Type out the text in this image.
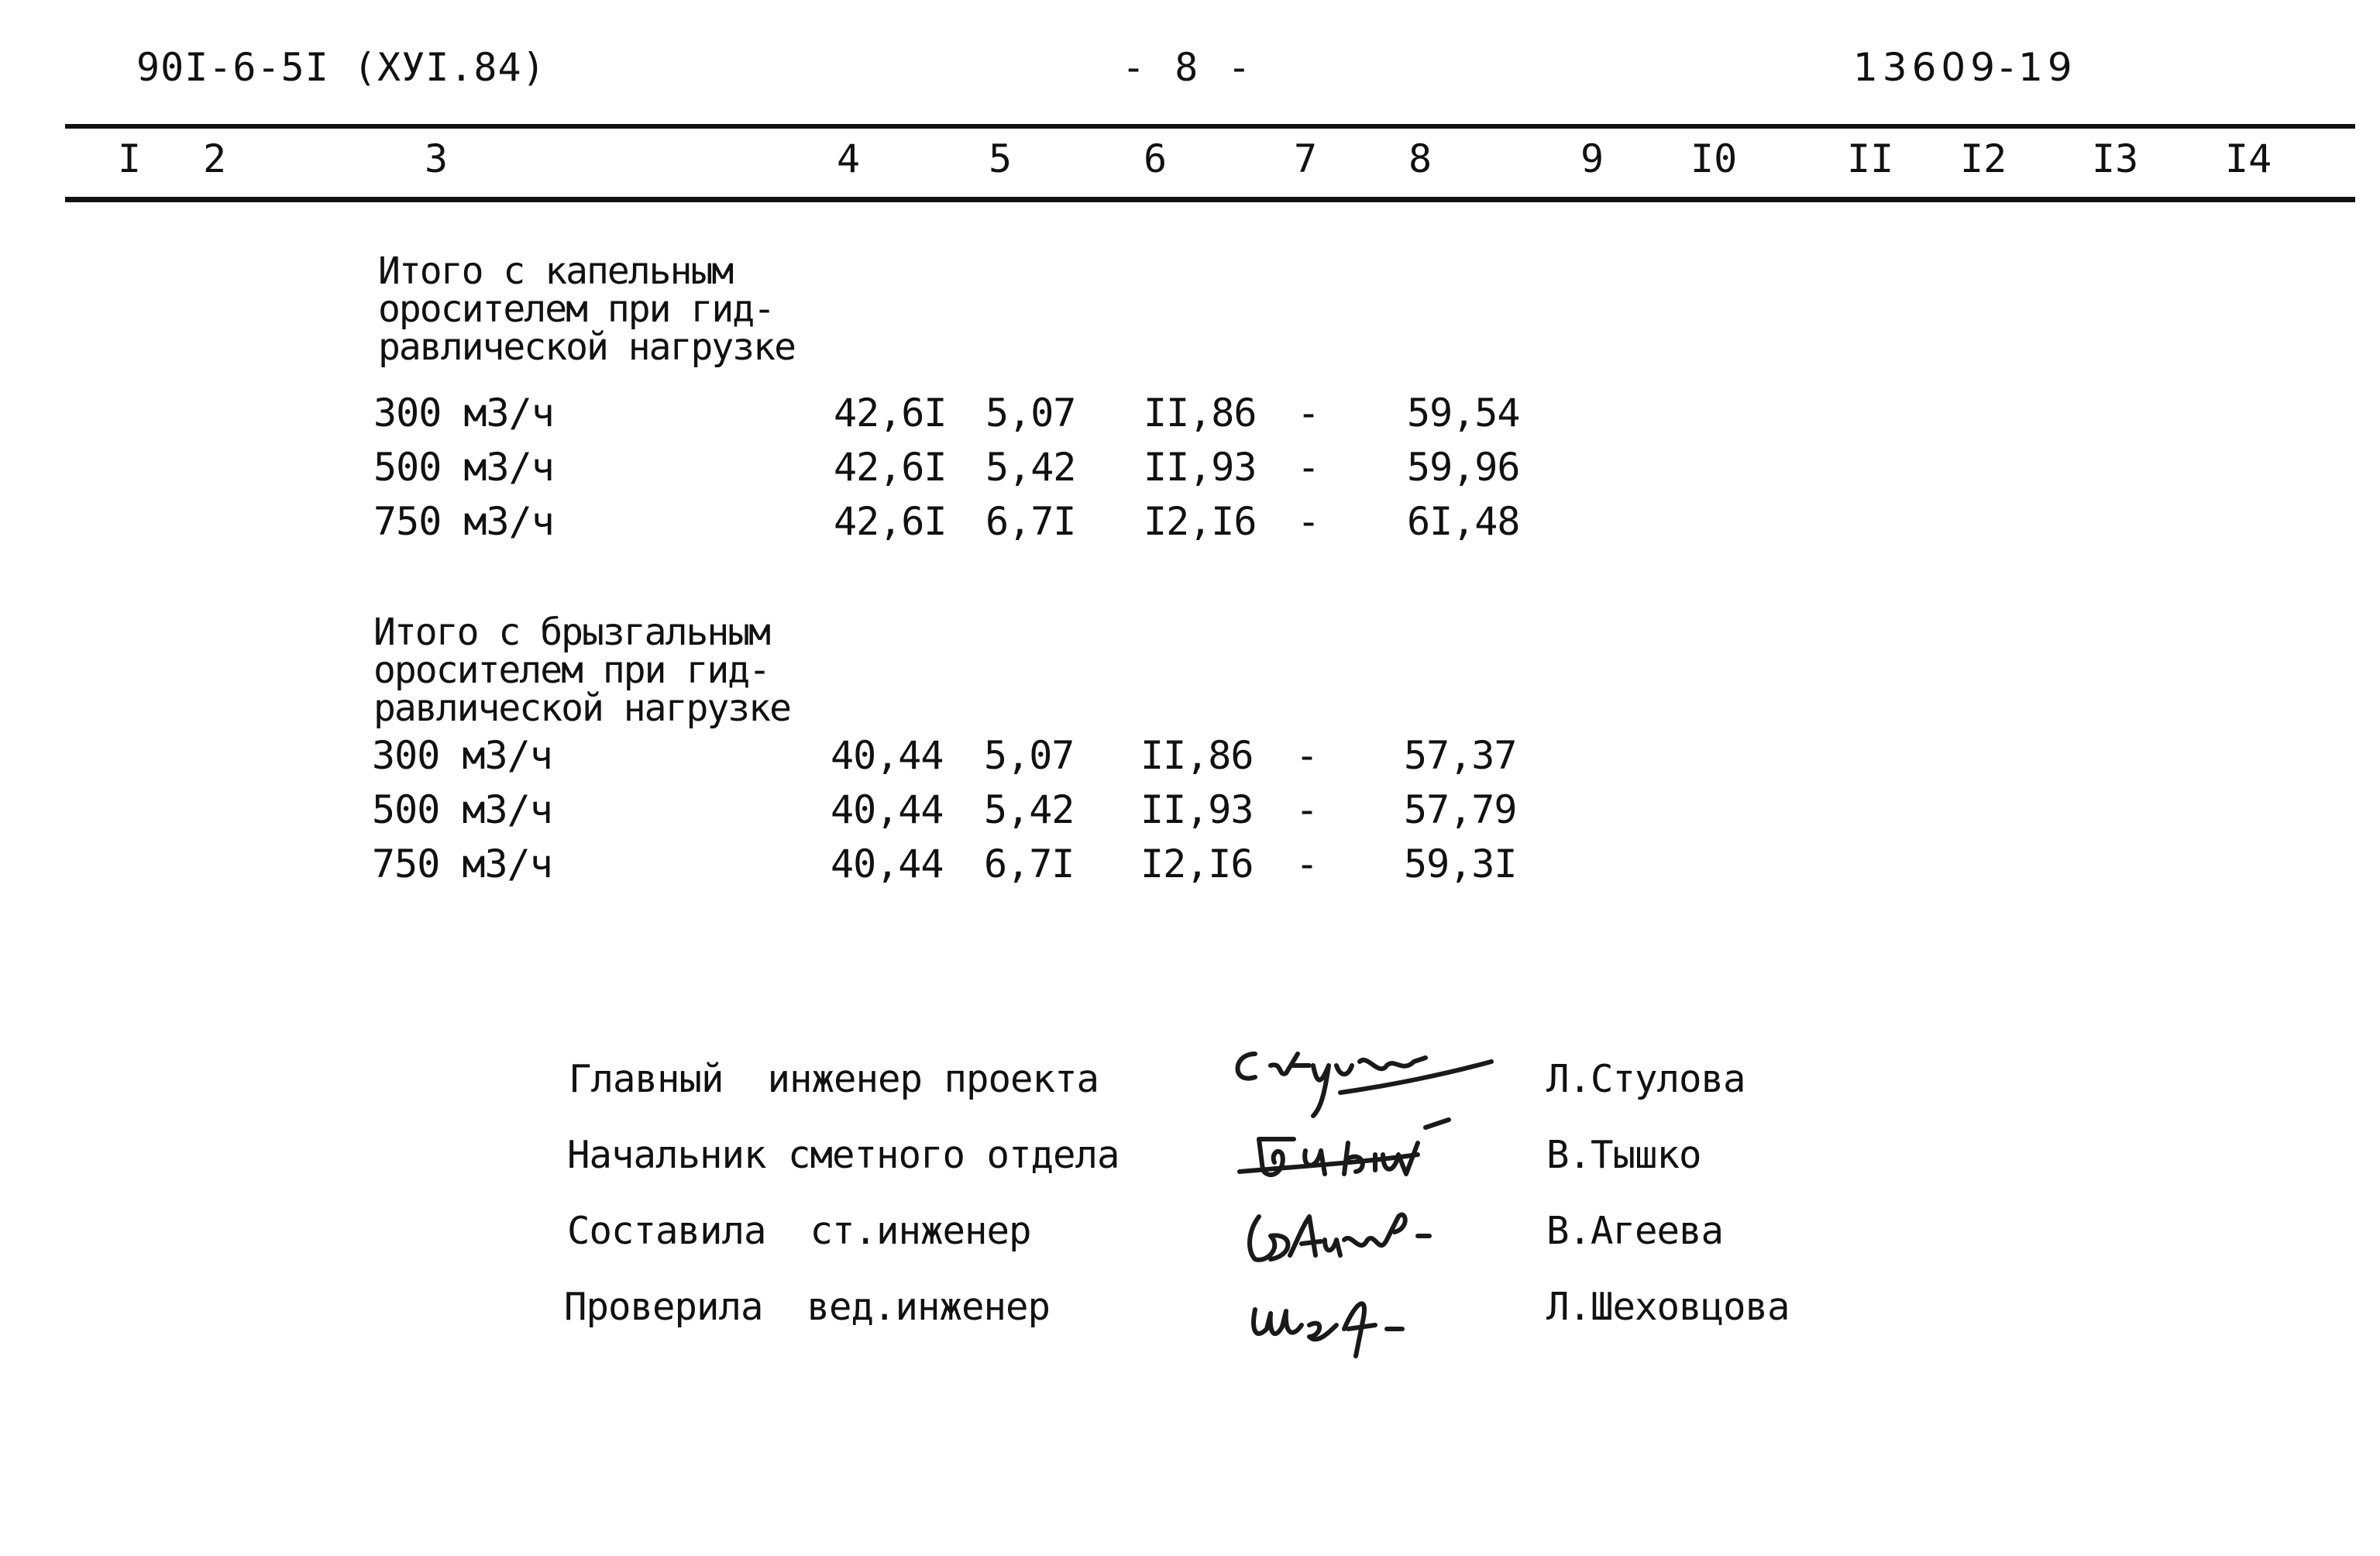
90I-6-5I (XУI.84)	- 8 -	13609-19
I 2	3	4	5	6	7 8	9 I0	II I2 I3 I4
Итого с капельным
оросителем при гид-
равлической нагрузке
300 м3/ч	42,6I 5,07 II,86 - 59,54
500 м3/ч	42,6I 5,42 II,93 - 59,96
750 м3/ч	42,6I 6,7I I2,I6 - 6I,48
Итого с брызгальным
оросителем при гид-
равлической нагрузке
300 м3/ч	40,44 5,07 II,86 - 57,37
500 м3/ч	40,44 5,42 II,93 - 57,79
750 м3/ч	40,44 6,7I I2,I6 - 59,3I
Главный  инженер проекта	Л.Стулова
Начальник сметного отдела	В.Тышко
Составила  ст.инженер	В.Агеева
Проверила  вед.инженер	Л.Шеховцова
